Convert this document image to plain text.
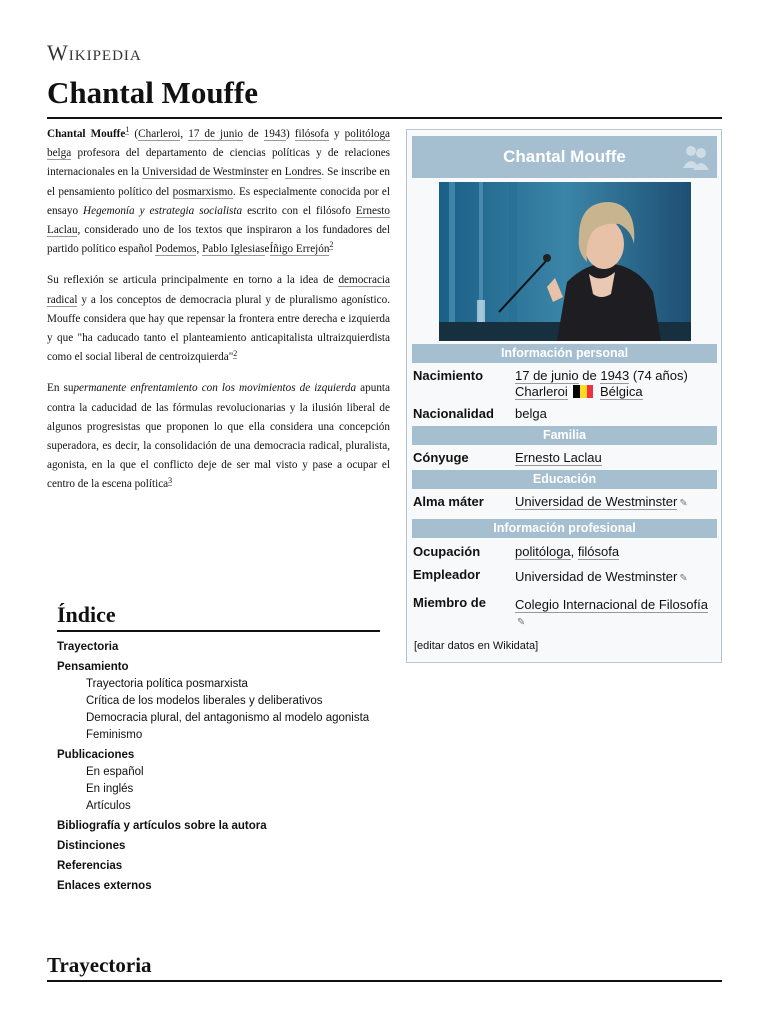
Wikipedia
Chantal Mouffe

Chantal Mouffe$^1$ (Charleroi, 17 de junio de 1943) filósofa y politóloga belga profesora del departamento de ciencias políticas y de relaciones internacionales en la Universidad de Westminster en Londres. Se inscribe en el pensamiento político del posmarxismo. Es especialmente conocida por el ensayo Hegemonía y estrategia socialista escrito con el filósofo Ernesto Laclau, considerado uno de los textos que inspiraron a los fundadores del partido político español Podemos, Pablo IglesiaseÍñigo Errejón$^2$

Su reflexión se articula principalmente en torno a la idea de democracia radical y a los conceptos de democracia plural y de pluralismo agonístico. Mouffe considera que hay que repensar la frontera entre derecha e izquierda y que "ha caducado tanto el planteamiento anticapitalista ultraizquierdista como el social liberal de centroizquierda"$^2$

En supermanente enfrentamiento con los movimientos de izquierda apunta contra la caducidad de las fórmulas revolucionarias y la ilusión liberal de algunos progresistas que proponen lo que ella considera una concepción superadora, es decir, la consolidación de una democracia radical, pluralista, agonista, en la que el conflicto deje de ser mal visto y pase a ocupar el centro de la escena política$^3$

Índice
Trayectoria
Pensamiento
Trayectoria política posmarxista
Crítica de los modelos liberales y deliberativos
Democracia plural, del antagonismo al modelo agonista
Feminismo
Publicaciones
En español
En inglés
Artículos
Bibliografía y artículos sobre la autora
Distinciones
Referencias
Enlaces externos
Trayectoria
Chantal Mouffe
Información personal
Nacimiento 17 de junio de 1943 (74 años)
Charleroi Bélgica
Nacionalidad belga
Familia
Cónyuge	Ernesto Laclau
Educación
Alma máter Universidad de Westminster ✎
Información profesional
Ocupación	politóloga, filósofa
Empleador	Universidad de Westminster ✎
Miembro de Colegio Internacional de Filosofía✎
[editar datos en Wikidata]
